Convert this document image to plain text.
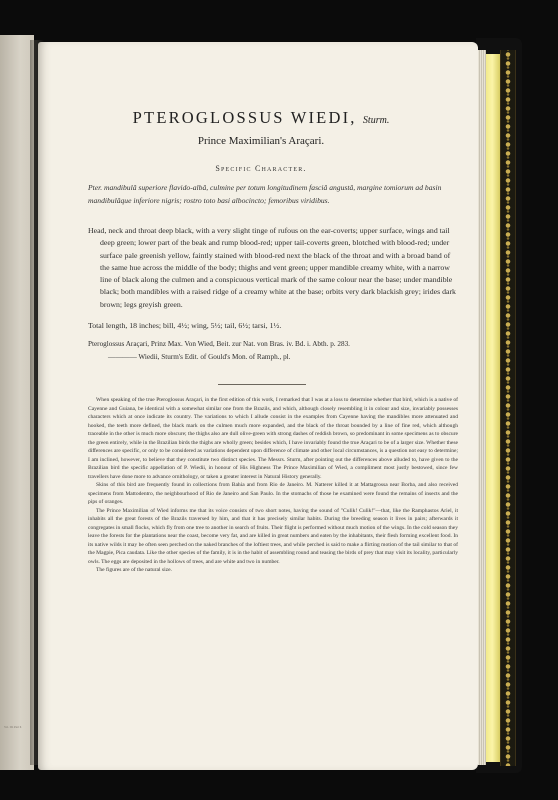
Vol. III. Part 6
PTEROGLOSSUS WIEDI, Sturm.
Prince Maximilian's Araçari.
Specific Character.
Pter. mandibulâ superiore flavido-albâ, culmine per totum longitudinem fasciâ angustâ, margine tomiorum ad basin mandibulâque inferiore nigris; rostro toto basi albocincto; femoribus viridibus.

Head, neck and throat deep black, with a very slight tinge of rufous on the ear-coverts; upper surface, wings and tail deep green; lower part of the beak and rump blood-red; upper tail-coverts green, blotched with blood-red; under surface pale greenish yellow, faintly stained with blood-red next the black of the throat and with a broad band of the same hue across the middle of the body; thighs and vent green; upper mandible creamy white, with a narrow line of black along the culmen and a conspicuous vertical mark of the same colour near the base; under mandible black; both mandibles with a raised ridge of a creamy white at the base; orbits very dark blackish grey; irides dark brown; legs greyish green.

Total length, 18 inches; bill, 4½; wing, 5½; tail, 6½; tarsi, 1½.

Pteroglossus Araçari, Prinz Max. Von Wied, Beit. zur Nat. von Bras. iv. Bd. i. Abth. p. 283.

———— Wiedii, Sturm's Edit. of Gould's Mon. of Ramph., pl.

When speaking of the true Pteroglossus Araçari, in the first edition of this work, I remarked that I was at a loss to determine whether that bird, which is a native of Cayenne and Guiana, be identical with a somewhat similar one from the Brazils, and which, although closely resembling it in colour and size, invariably possesses characters which at once indicate its country. The variations to which I allude consist in the examples from Cayenne having the mandibles more attenuated and hooked, the teeth more defined, the black mark on the culmen much more expanded, and the black of the throat bounded by a line of fine red, which although traceable in the other is much more obscure; the thighs also are dull olive-green with strong dashes of reddish brown, so predominant in some specimens as to obscure the green entirely, while in the Brazilian birds the thighs are wholly green; besides which, I have invariably found the true Araçari to be of a larger size. Whether these differences are specific, or only to be considered as variations dependent upon difference of climate and other local circumstances, is a question not easy to determine; I am inclined, however, to believe that they constitute two distinct species. The Messrs. Sturm, after pointing out the differences above alluded to, have given to the Brazilian bird the specific appellation of P. Wiedii, in honour of His Highness The Prince Maximilian of Wied, a compliment most justly bestowed, since few travellers have done more to advance ornithology, or taken a greater interest in Natural History generally.

Skins of this bird are frequently found in collections from Bahia and from Rio de Janeiro. M. Natterer killed it at Mattagrossa near Borba, and also received specimens from Mattodentro, the neighbourhood of Rio de Janeiro and San Paulo. In the stomachs of those he examined were found the remains of insects and the pips of oranges.

The Prince Maximilian of Wied informs me that its voice consists of two short notes, having the sound of "Culik! Culik!"—that, like the Ramphastos Ariel, it inhabits all the great forests of the Brazils traversed by him, and that it has precisely similar habits. During the breeding season it lives in pairs; afterwards it congregates in small flocks, which fly from one tree to another in search of fruits. Their flight is performed without much motion of the wings. In the cold season they leave the forests for the plantations near the coast, become very fat, and are killed in great numbers and eaten by the inhabitants, their flesh forming excellent food. In its native wilds it may be often seen perched on the naked branches of the loftiest trees, and while perched is said to make a flirting motion of the tail similar to that of the Magpie, Pica caudata. Like the other species of the family, it is in the habit of assembling round and teasing the birds of prey that may visit its locality, particularly owls. The eggs are deposited in the hollows of trees, and are white and two in number.

The figures are of the natural size.
